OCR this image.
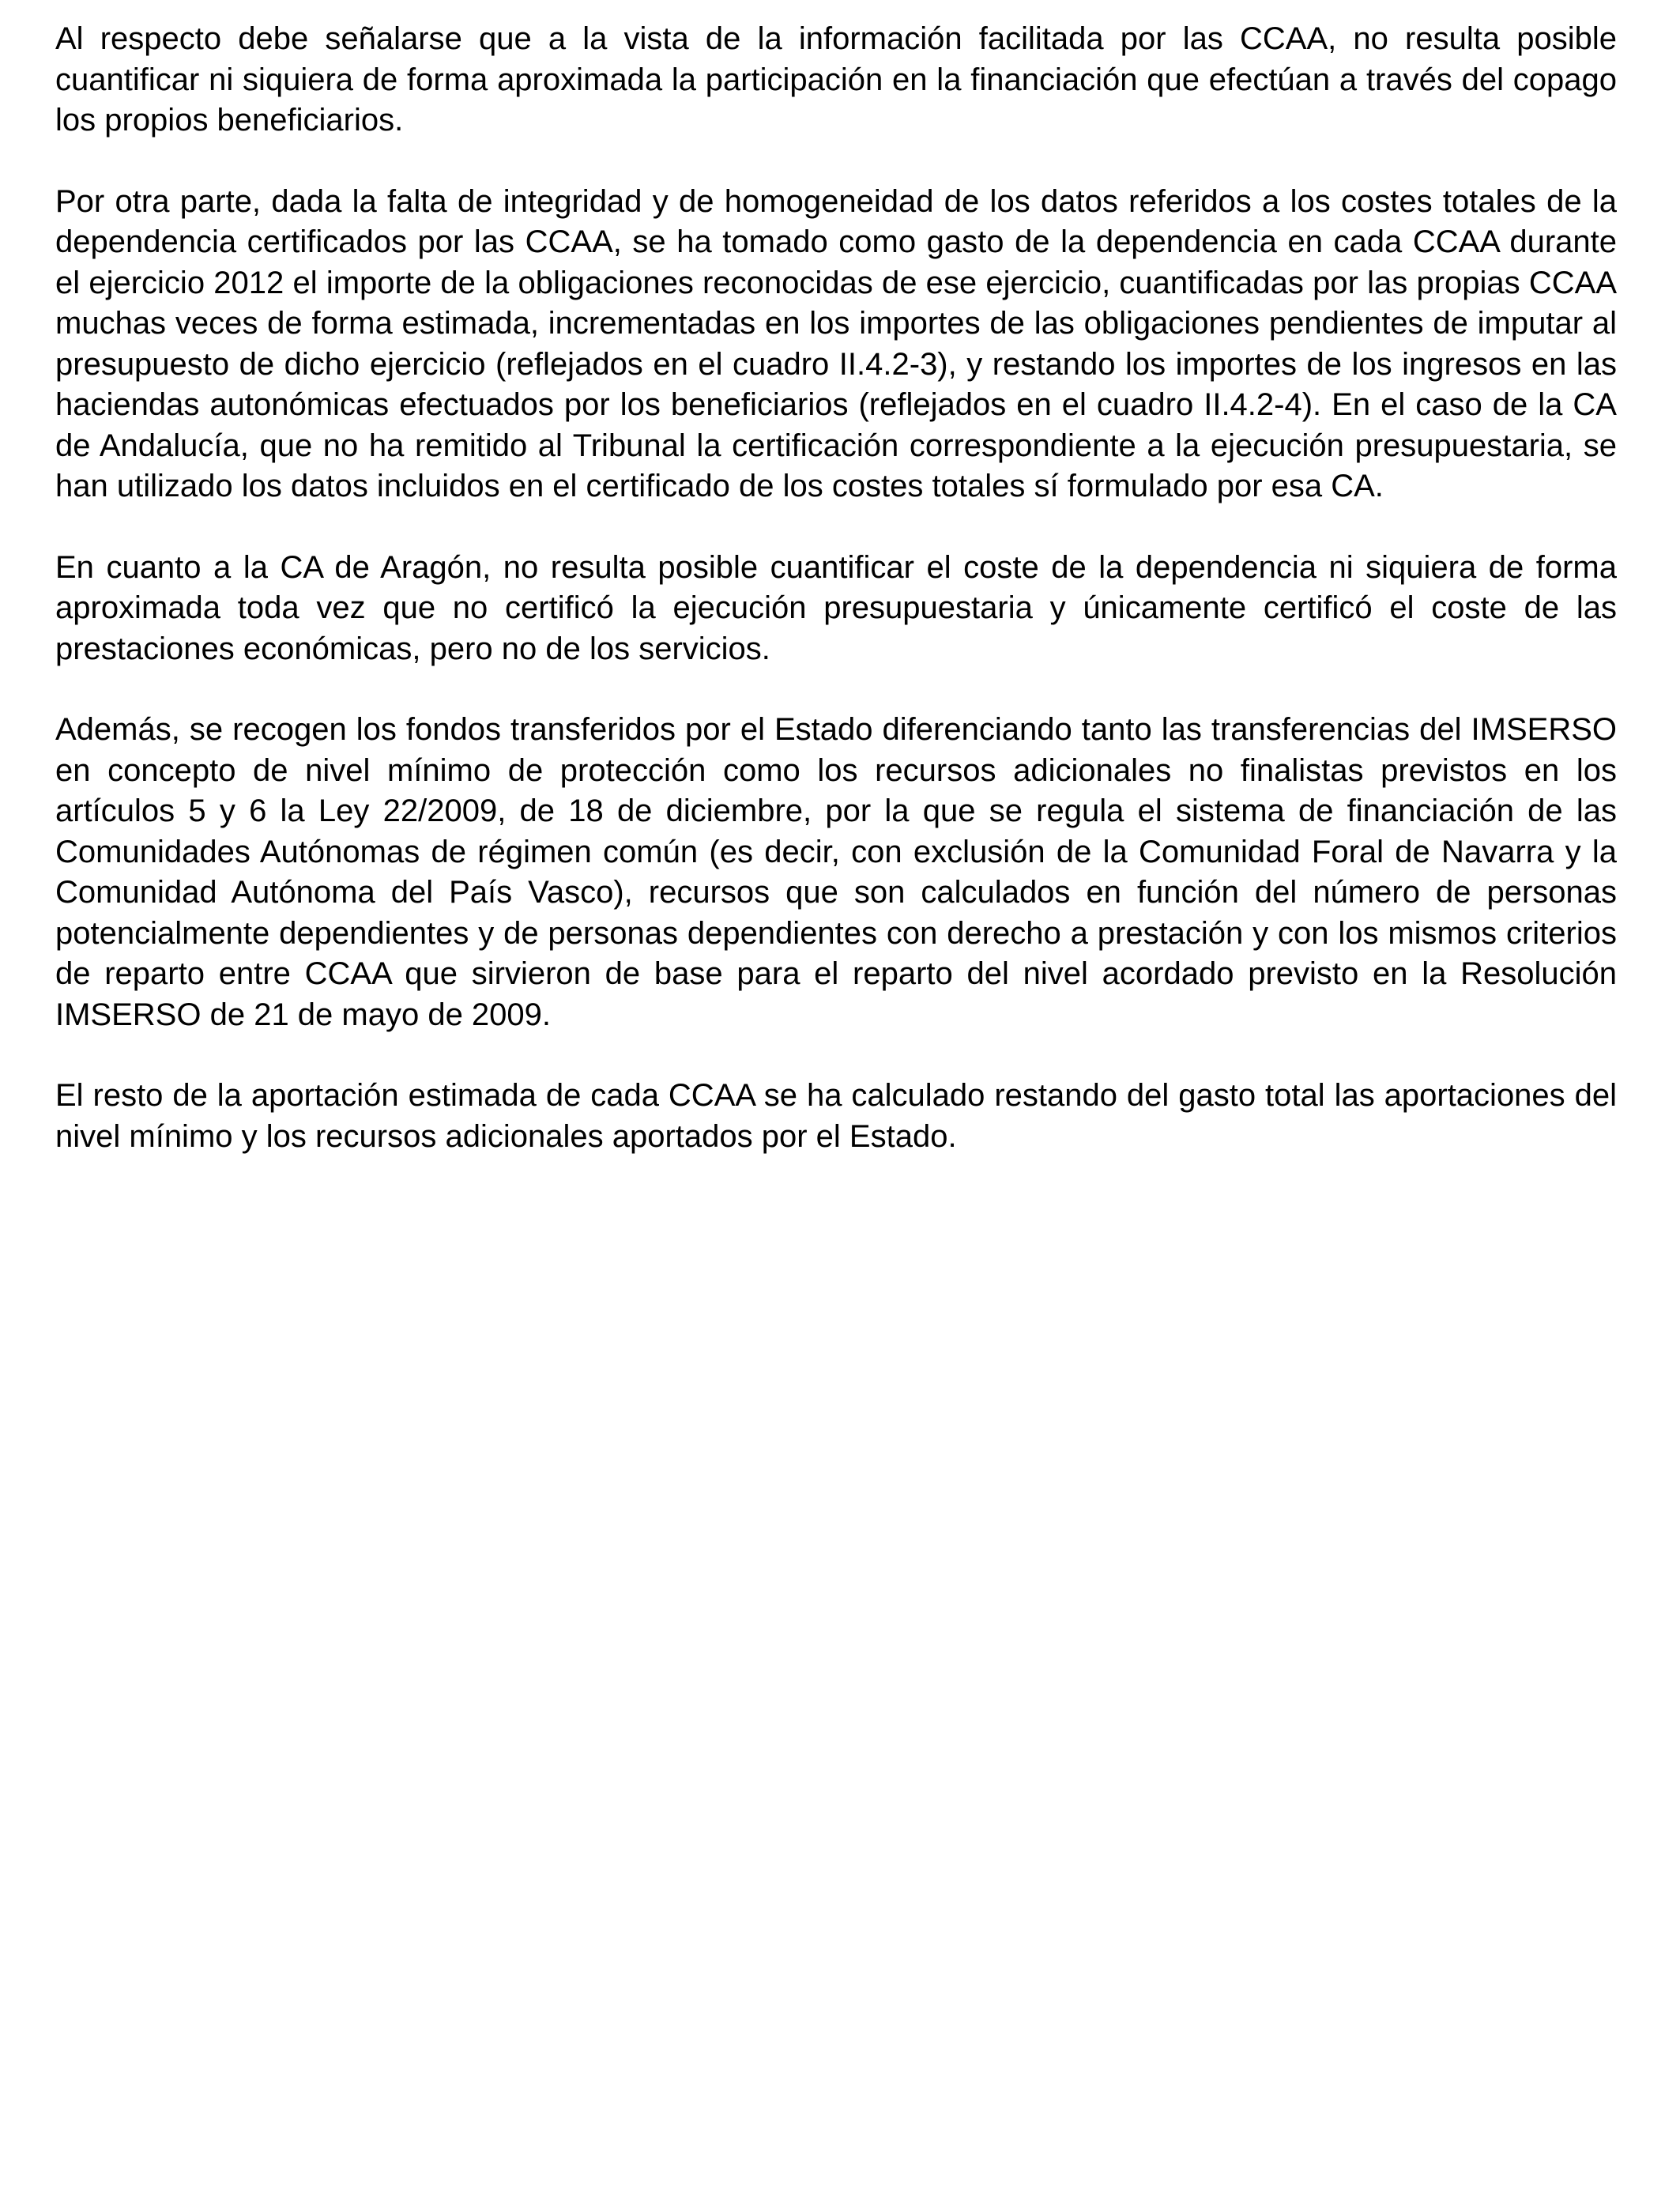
Al respecto debe señalarse que a la vista de la información facilitada por las CCAA, no resulta posible cuantificar ni siquiera de forma aproximada la participación en la financiación que efectúan a través del copago los propios beneficiarios.

Por otra parte, dada la falta de integridad y de homogeneidad de los datos referidos a los costes totales de la dependencia certificados por las CCAA, se ha tomado como gasto de la dependencia en cada CCAA durante el ejercicio 2012 el importe de la obligaciones reconocidas de ese ejercicio, cuantificadas por las propias CCAA muchas veces de forma estimada, incrementadas en los importes de las obligaciones pendientes de imputar al presupuesto de dicho ejercicio (reflejados en el cuadro II.4.2-3), y restando los importes de los ingresos en las haciendas autonómicas efectuados por los beneficiarios (reflejados en el cuadro II.4.2-4). En el caso de la CA de Andalucía, que no ha remitido al Tribunal la certificación correspondiente a la ejecución presupuestaria, se han utilizado los datos incluidos en el certificado de los costes totales sí formulado por esa CA.

En cuanto a la CA de Aragón, no resulta posible cuantificar el coste de la dependencia ni siquiera de forma aproximada toda vez que no certificó la ejecución presupuestaria y únicamente certificó el coste de las prestaciones económicas, pero no de los servicios.

Además, se recogen los fondos transferidos por el Estado diferenciando tanto las transferencias del IMSERSO en concepto de nivel mínimo de protección como los recursos adicionales no finalistas previstos en los artículos 5 y 6 la Ley 22/2009, de 18 de diciembre, por la que se regula el sistema de financiación de las Comunidades Autónomas de régimen común (es decir, con exclusión de la Comunidad Foral de Navarra y la Comunidad Autónoma del País Vasco), recursos que son calculados en función del número de personas potencialmente dependientes y de personas dependientes con derecho a prestación y con los mismos criterios de reparto entre CCAA que sirvieron de base para el reparto del nivel acordado previsto en la Resolución IMSERSO de 21 de mayo de 2009.

El resto de la aportación estimada de cada CCAA se ha calculado restando del gasto total las aportaciones del nivel mínimo y los recursos adicionales aportados por el Estado.
